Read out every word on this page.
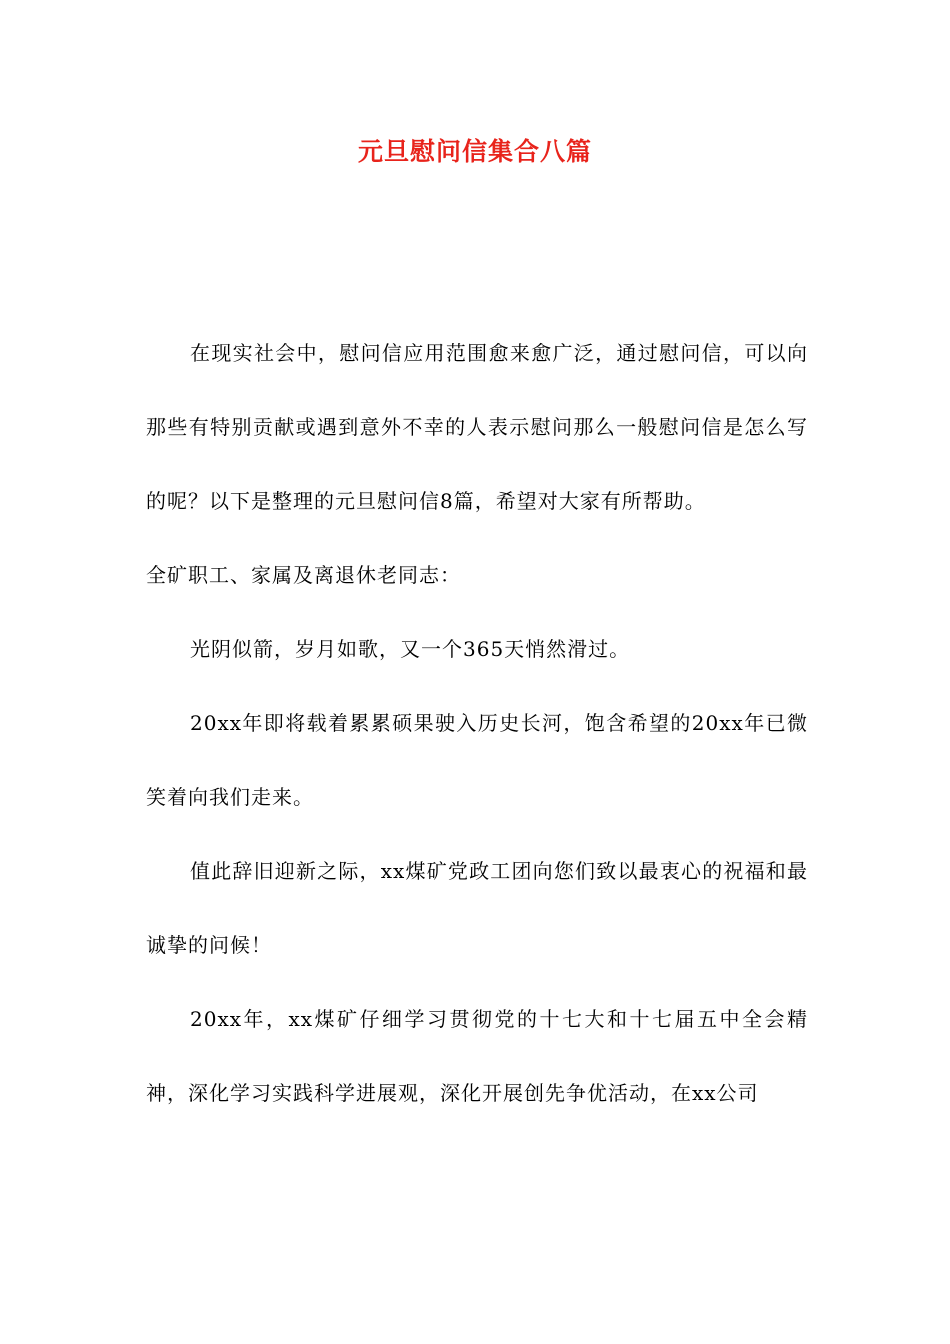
元旦慰问信集合八篇

在现实社会中，慰问信应用范围愈来愈广泛，通过慰问信，可以向那些有特别贡献或遇到意外不幸的人表示慰问那么一般慰问信是怎么写的呢？以下是整理的元旦慰问信8篇，希望对大家有所帮助。

全矿职工、家属及离退休老同志：

光阴似箭，岁月如歌，又一个365天悄然滑过。

20xx年即将载着累累硕果驶入历史长河，饱含希望的20xx年已微笑着向我们走来。

值此辞旧迎新之际，xx煤矿党政工团向您们致以最衷心的祝福和最诚挚的问候！

20xx年，xx煤矿仔细学习贯彻党的十七大和十七届五中全会精神，深化学习实践科学进展观，深化开展创先争优活动，在xx公司
